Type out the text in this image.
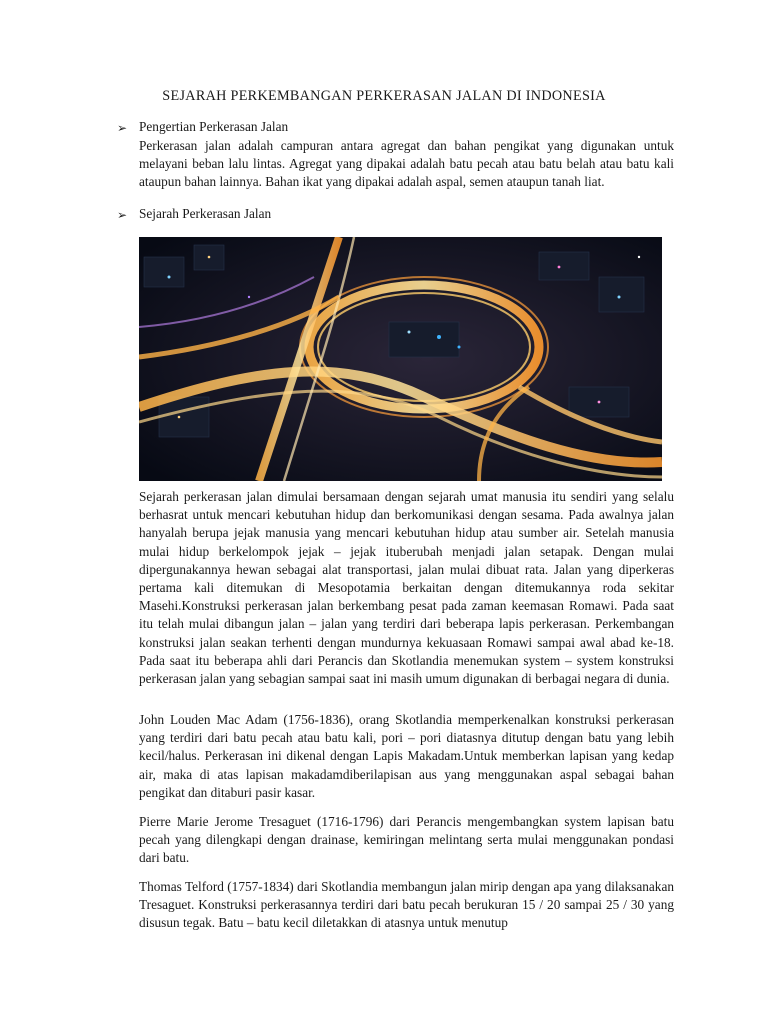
SEJARAH PERKEMBANGAN PERKERASAN JALAN DI INDONESIA
➢ Pengertian Perkerasan Jalan

Perkerasan jalan adalah campuran antara agregat dan bahan pengikat yang digunakan untuk melayani beban lalu lintas. Agregat yang dipakai adalah batu pecah atau batu belah atau batu kali ataupun bahan lainnya. Bahan ikat yang dipakai adalah aspal, semen ataupun tanah liat.

➢ Sejarah Perkerasan Jalan

Sejarah perkerasan jalan dimulai bersamaan dengan sejarah umat manusia itu sendiri yang selalu berhasrat untuk mencari kebutuhan hidup dan berkomunikasi dengan sesama. Pada awalnya jalan hanyalah berupa jejak manusia yang mencari kebutuhan hidup atau sumber air. Setelah manusia mulai hidup berkelompok jejak – jejak ituberubah menjadi jalan setapak. Dengan mulai dipergunakannya hewan sebagai alat transportasi, jalan mulai dibuat rata. Jalan yang diperkeras pertama kali ditemukan di Mesopotamia berkaitan dengan ditemukannya roda sekitar Masehi.Konstruksi perkerasan jalan berkembang pesat pada zaman keemasan Romawi. Pada saat itu telah mulai dibangun jalan – jalan yang terdiri dari beberapa lapis perkerasan. Perkembangan konstruksi jalan seakan terhenti dengan mundurnya kekuasaan Romawi sampai awal abad ke-18. Pada saat itu beberapa ahli dari Perancis dan Skotlandia menemukan system – system konstruksi perkerasan jalan yang sebagian sampai saat ini masih umum digunakan di berbagai negara di dunia.

John Louden Mac Adam (1756-1836), orang Skotlandia memperkenalkan konstruksi perkerasan yang terdiri dari batu pecah atau batu kali, pori – pori diatasnya ditutup dengan batu yang lebih kecil/halus. Perkerasan ini dikenal dengan Lapis Makadam.Untuk memberkan lapisan yang kedap air, maka di atas lapisan makadamdiberilapisan aus yang menggunakan aspal sebagai bahan pengikat dan ditaburi pasir kasar.

Pierre Marie Jerome Tresaguet (1716-1796) dari Perancis mengembangkan system lapisan batu pecah yang dilengkapi dengan drainase, kemiringan melintang serta mulai menggunakan pondasi dari batu.

Thomas Telford (1757-1834) dari Skotlandia membangun jalan mirip dengan apa yang dilaksanakan Tresaguet. Konstruksi perkerasannya terdiri dari batu pecah berukuran 15 / 20 sampai 25 / 30 yang disusun tegak. Batu – batu kecil diletakkan di atasnya untuk menutup
